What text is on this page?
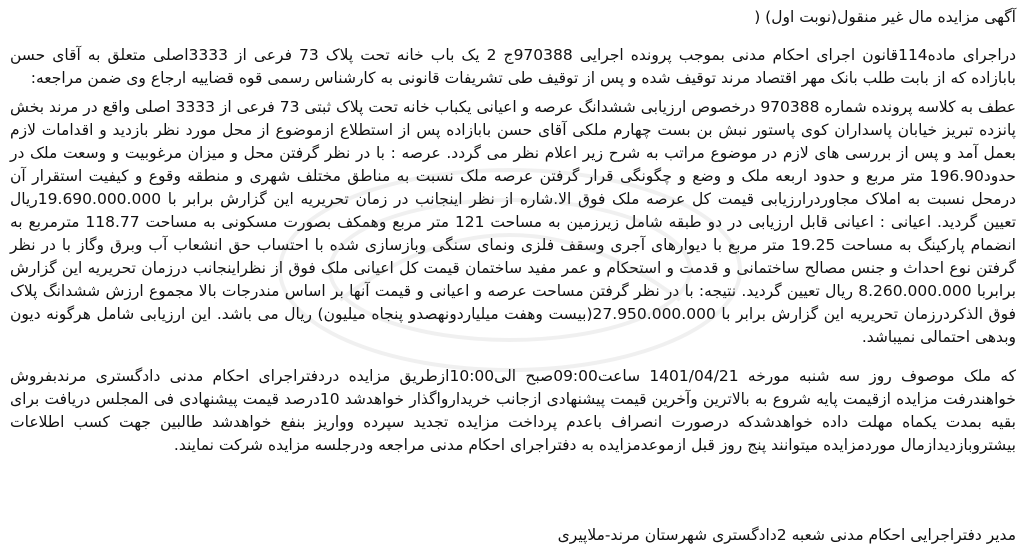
آگهی مزایده مال غیر منقول(نوبت اول) (

دراجرای ماده114قانون اجرای احکام مدنی بموجب پرونده اجرایی 970388ج 2 یک باب خانه تحت پلاک 73 فرعی از 3333اصلی متعلق به آقای حسن بابازاده که از بابت طلب بانک مهر اقتصاد مرند توقیف شده و پس از توقیف طی تشریفات قانونی به کارشناس رسمی قوه قضاییه ارجاع وی ضمن مراجعه:

عطف به کلاسه پرونده شماره 970388 درخصوص ارزیابی ششدانگ عرصه و اعیانی یکباب خانه تحت پلاک ثبتی 73 فرعی از 3333 اصلی واقع در مرند بخش پانزده تبریز خیابان پاسداران کوی پاستور نبش بن بست چهارم ملکی آقای حسن بابازاده پس از استطلاع ازموضوع از محل مورد نظر بازدید و اقدامات لازم بعمل آمد و پس از بررسی های لازم در موضوع مراتب به شرح زیر اعلام نظر می گردد. عرصه : با در نظر گرفتن محل و میزان مرغوبیت و وسعت ملک در حدود196.90 متر مربع و حدود اربعه ملک و وضع و چگونگی قرار گرفتن عرصه ملک نسبت به مناطق مختلف شهری و منطقه وقوع و کیفیت استقرار آن درمحل نسبت به املاک مجاوردرارزیابی قیمت کل عرصه ملک فوق الا.شاره از نظر اینجانب در زمان تحریریه این گزارش برابر با 19.690.000.000ریال تعیین گردید. اعیانی : اعیانی قابل ارزیابی در دو طبقه شامل زیرزمین به مساحت 121 متر مربع وهمکف بصورت مسکونی به مساحت 118.77 مترمربع به انضمام پارکینگ به مساحت 19.25 متر مربع با دیوارهای آجری وسقف فلزی ونمای سنگی وبازسازی شده با احتساب حق انشعاب آب وبرق وگاز با در نظر گرفتن نوع احداث و جنس مصالح ساختمانی و قدمت و استحکام و عمر مفید ساختمان قیمت کل اعیانی ملک فوق از نظراینجانب درزمان تحریریه این گزارش برابربا 8.260.000.000 ریال تعیین گردید. نتیجه: با در نظر گرفتن مساحت عرصه و اعیانی و قیمت آنها بر اساس مندرجات بالا مجموع ارزش ششدانگ پلاک فوق الذکردرزمان تحریریه این گزارش برابر با 27.950.000.000(بیست وهفت میلیاردونهصدو پنجاه میلیون) ریال می باشد. این ارزیابی شامل هرگونه دیون وبدهی احتمالی نمیباشد.

که ملک موصوف روز سه شنبه مورخه 1401/04/21 ساعت09:00صبح الی10:00ازطریق مزایده دردفتراجرای احکام مدنی دادگستری مرندبفروش خواهندرفت مزایده ازقیمت پایه شروع به بالاترین وآخرین قیمت پیشنهادی ازجانب خریدارواگذار خواهدشد 10درصد قیمت پیشنهادی فی المجلس دریافت برای بقیه بمدت یکماه مهلت داده خواهدشدکه درصورت انصراف باعدم پرداخت مزایده تجدید سپرده وواریز بنفع خواهدشد طالبین جهت کسب اطلاعات بیشتروبازدیدازمال موردمزایده میتوانند پنج روز قبل ازموعدمزایده به دفتراجرای احکام مدنی مراجعه ودرجلسه مزایده شرکت نمایند.

مدیر دفتراجرایی احکام مدنی شعبه 2دادگستری شهرستان مرند-ملاپیری
